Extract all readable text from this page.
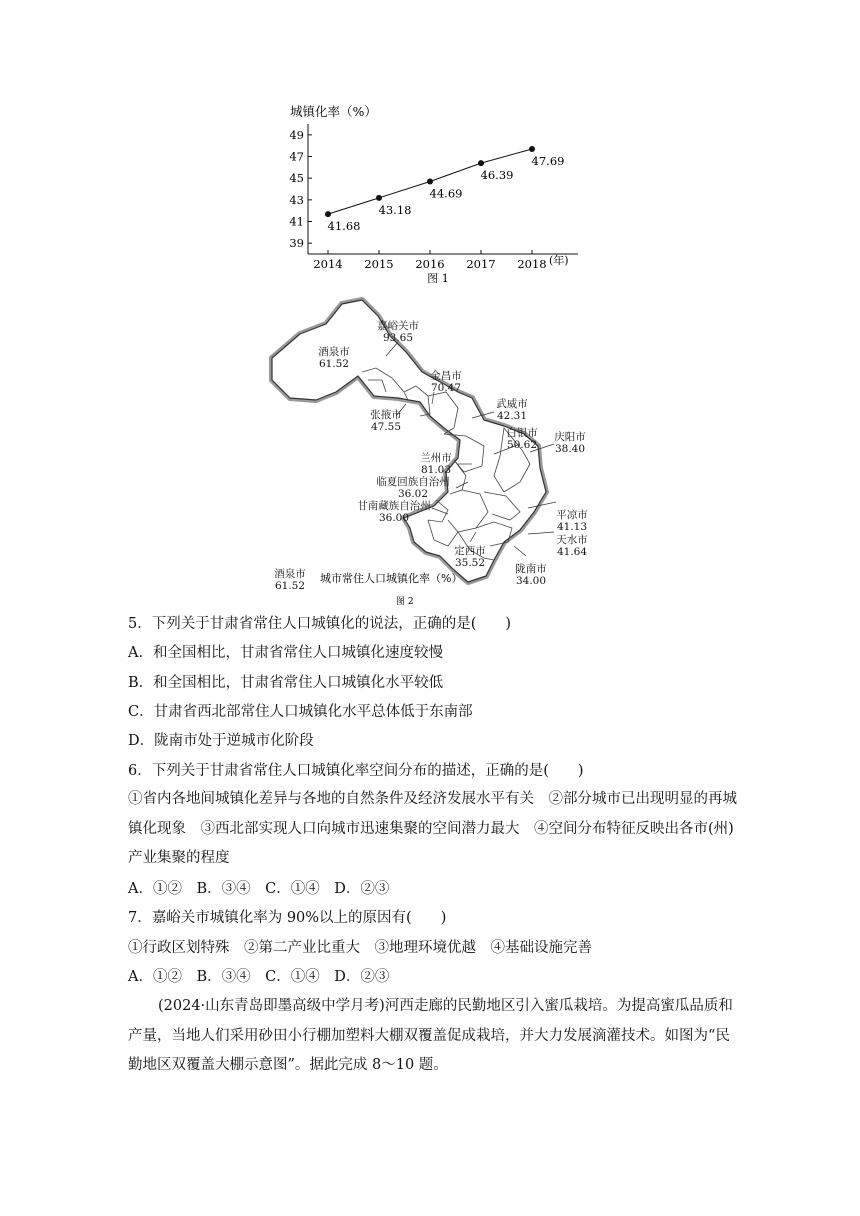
城镇化率（%）
49
47
45
43
41
39
2014 2015 2016 2017 2018
41.68
43.18
44.69
46.39
47.69
(年)
图 1
嘉峪关市
93.65
酒泉市
61.52
金昌市
70.47
武威市
42.31
张掖市
47.55	白银市
50.62
庆阳市
38.40
兰州市
81.03
临夏回族自治州
36.02
甘南藏族自治州
36.00	平凉市
41.13
天水市
41.64
定西市
35.52	陇南市
34.00
酒泉市
61.52
城市常住人口城镇化率（%）
图 2
5．下列关于甘肃省常住人口城镇化的说法，正确的是(　　)
A．和全国相比，甘肃省常住人口城镇化速度较慢
B．和全国相比，甘肃省常住人口城镇化水平较低
C．甘肃省西北部常住人口城镇化水平总体低于东南部
D．陇南市处于逆城市化阶段
6．下列关于甘肃省常住人口城镇化率空间分布的描述，正确的是(　　)
①省内各地间城镇化差异与各地的自然条件及经济发展水平有关　②部分城市已出现明显的再城镇化现象　③西北部实现人口向城市迅速集聚的空间潜力最大　④空间分布特征反映出各市(州)产业集聚的程度
A．①②　B．③④　C．①④　D．②③
7．嘉峪关市城镇化率为 90%以上的原因有(　　)
①行政区划特殊　②第二产业比重大　③地理环境优越　④基础设施完善
A．①②　B．③④　C．①④　D．②③
(2024·山东青岛即墨高级中学月考)河西走廊的民勤地区引入蜜瓜栽培。为提高蜜瓜品质和产量，当地人们采用砂田小行棚加塑料大棚双覆盖促成栽培，并大力发展滴灌技术。如图为“民勤地区双覆盖大棚示意图”。据此完成 8～10 题。
